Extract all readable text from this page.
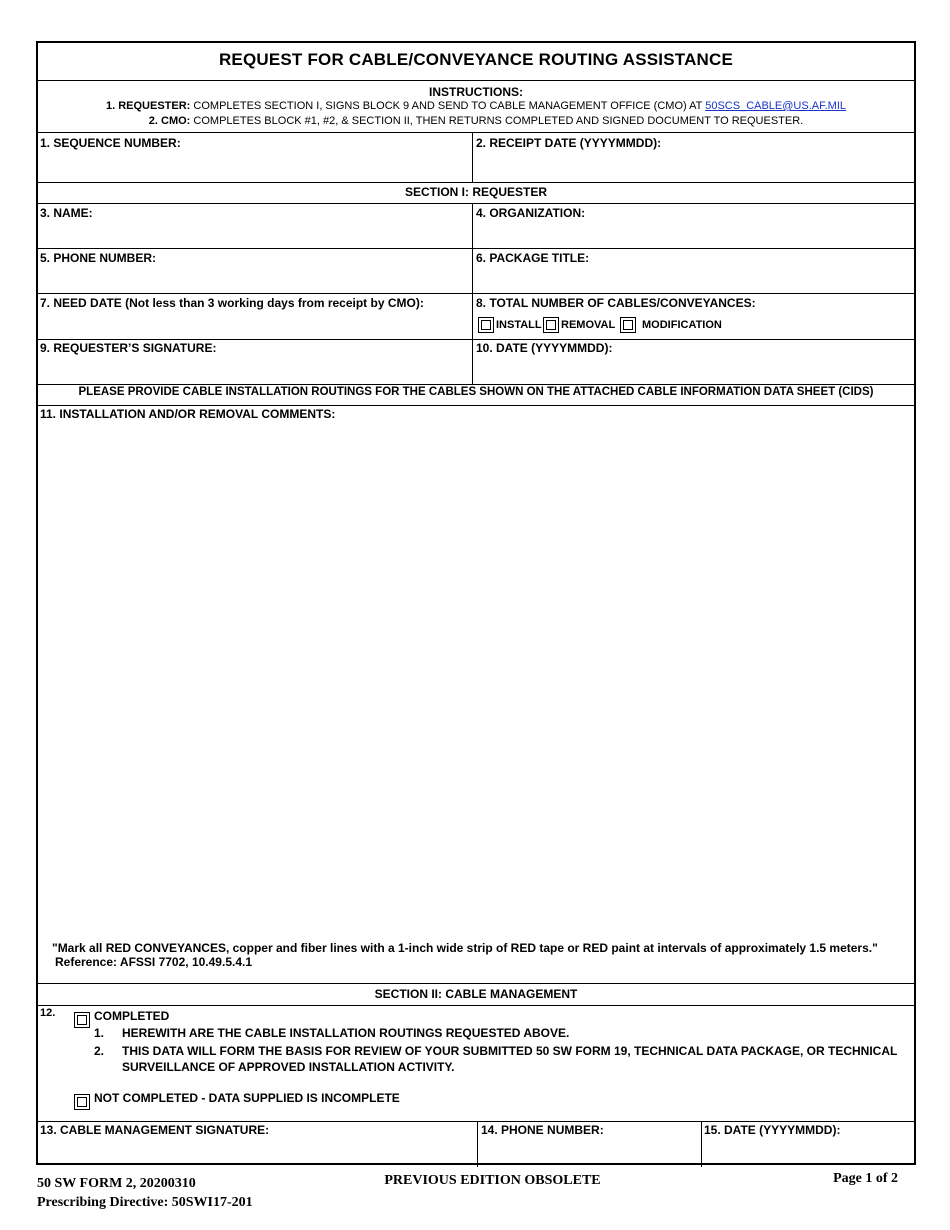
REQUEST FOR CABLE/CONVEYANCE ROUTING ASSISTANCE
INSTRUCTIONS:
1. REQUESTER: COMPLETES SECTION I, SIGNS BLOCK 9 AND SEND TO CABLE MANAGEMENT OFFICE (CMO) AT 50SCS_CABLE@US.AF.MIL
2. CMO: COMPLETES BLOCK #1, #2, & SECTION II, THEN RETURNS COMPLETED AND SIGNED DOCUMENT TO REQUESTER.
1. SEQUENCE NUMBER:	2. RECEIPT DATE (YYYYMMDD):
SECTION I: REQUESTER
3. NAME:	4. ORGANIZATION:
5. PHONE NUMBER:	6. PACKAGE TITLE:
7. NEED DATE (Not less than 3 working days from receipt by CMO):	8. TOTAL NUMBER OF CABLES/CONVEYANCES:
INSTALL REMOVAL MODIFICATION
9. REQUESTER’S SIGNATURE:	10. DATE (YYYYMMDD):
PLEASE PROVIDE CABLE INSTALLATION ROUTINGS FOR THE CABLES SHOWN ON THE ATTACHED CABLE INFORMATION DATA SHEET (CIDS)
11. INSTALLATION AND/OR REMOVAL COMMENTS:
"Mark all RED CONVEYANCES, copper and fiber lines with a 1-inch wide strip of RED tape or RED paint at intervals of approximately 1.5 meters."
Reference: AFSSI 7702, 10.49.5.4.1
SECTION II: CABLE MANAGEMENT
12.	COMPLETED
1. HEREWITH ARE THE CABLE INSTALLATION ROUTINGS REQUESTED ABOVE.
2. THIS DATA WILL FORM THE BASIS FOR REVIEW OF YOUR SUBMITTED 50 SW FORM 19, TECHNICAL DATA PACKAGE, OR TECHNICAL
SURVEILLANCE OF APPROVED INSTALLATION ACTIVITY.
NOT COMPLETED - DATA SUPPLIED IS INCOMPLETE
13. CABLE MANAGEMENT SIGNATURE:	14. PHONE NUMBER:	15. DATE (YYYYMMDD):
50 SW FORM 2, 20200310
Prescribing Directive: 50SWI17-201
PREVIOUS EDITION OBSOLETE	Page 1 of 2
